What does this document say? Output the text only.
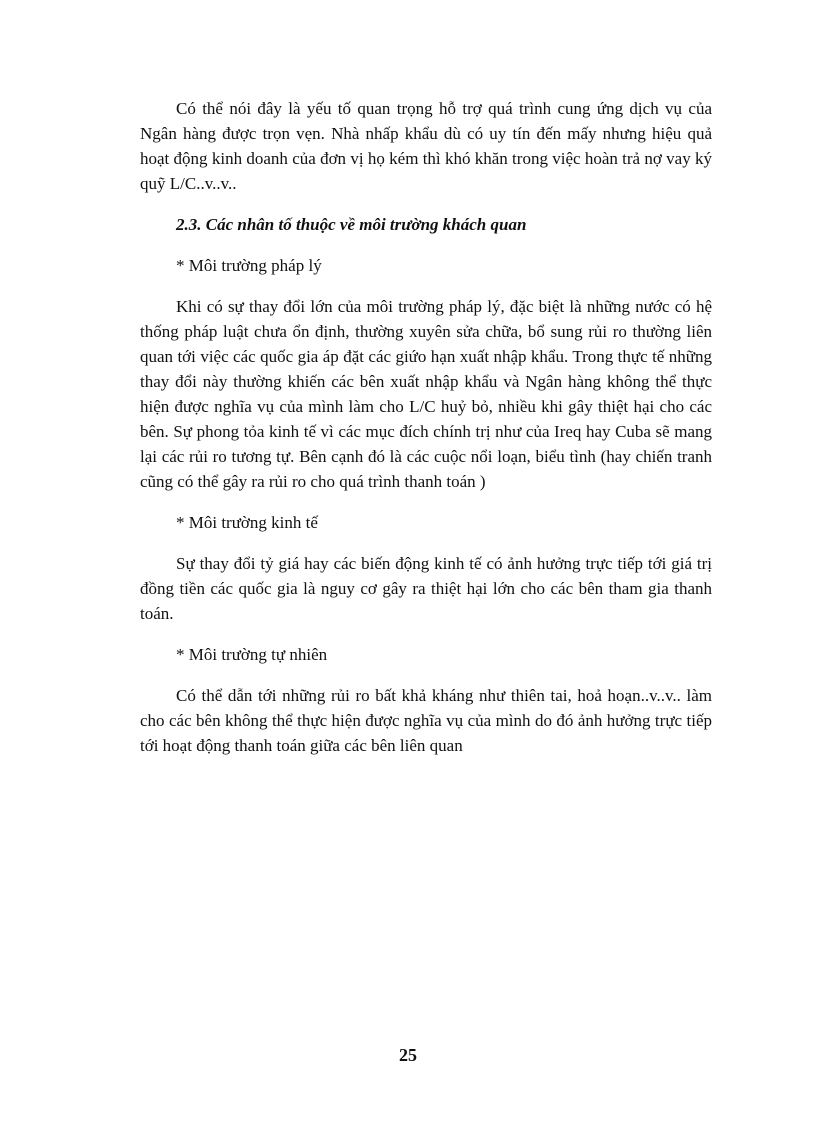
Có thể nói đây là yếu tố quan trọng hỗ trợ quá trình cung ứng dịch vụ của Ngân hàng được trọn vẹn. Nhà nhấp khẩu dù có uy tín đến mấy nhưng hiệu quả hoạt động kinh doanh của đơn vị họ kém thì khó khăn trong việc hoàn trả nợ vay ký quỹ L/C..v..v..

2.3. Các nhân tố thuộc về môi trường khách quan

* Môi trường pháp lý

Khi có sự thay đổi lớn của môi trường pháp lý, đặc biệt là những nước có hệ thống pháp luật chưa ổn định, thường xuyên sửa chữa, bổ sung rủi ro thường liên quan tới việc các quốc gia áp đặt các giứo hạn xuất nhập khẩu. Trong thực tế những thay đổi này thường khiến các bên xuất nhập khẩu và Ngân hàng không thể thực hiện được nghĩa vụ của mình làm cho L/C huỷ bỏ, nhiều khi gây thiệt hại cho các bên. Sự phong tỏa kinh tế vì các mục đích chính trị như của Ireq hay Cuba sẽ mang lại các rủi ro tương tự. Bên cạnh đó là các cuộc nổi loạn, biểu tình (hay chiến tranh cũng có thể gây ra rủi ro cho quá trình thanh toán )

* Môi trường kinh tế

Sự thay đổi tỷ giá hay các biến động kinh tế có ảnh hưởng trực tiếp tới giá trị đồng tiền các quốc gia là nguy cơ gây ra thiệt hại lớn cho các bên tham gia thanh toán.

* Môi trường tự nhiên

Có thể dẫn tới những rủi ro bất khả kháng như thiên tai, hoả hoạn..v..v.. làm cho các bên không thể thực hiện được nghĩa vụ của mình do đó ảnh hưởng trực tiếp tới hoạt động thanh toán giữa các bên liên quan

25
